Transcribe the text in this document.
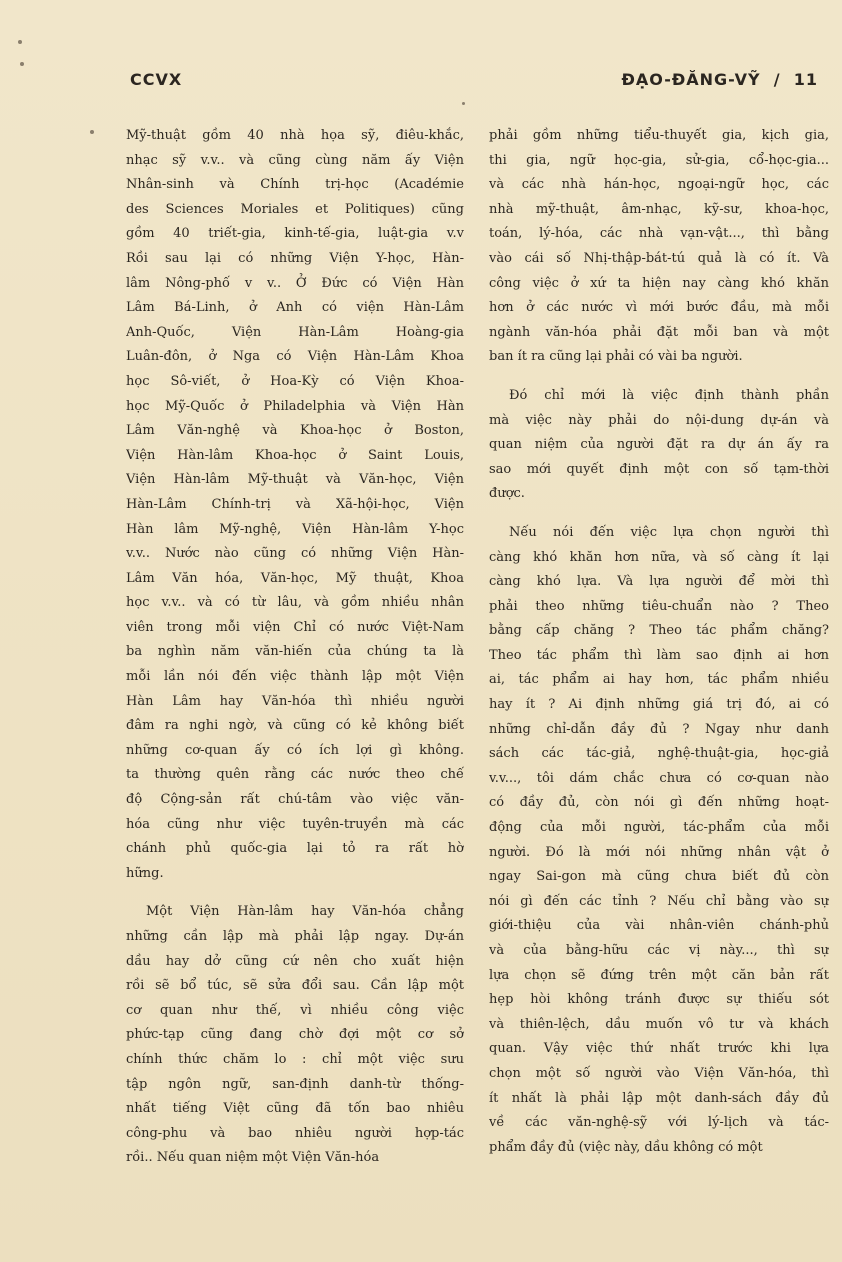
CCVX	ĐẠO-ĐĂNG-VỸ  /  11
Mỹ-thuật gồm 40 nhà họa sỹ, điêu-khắc,
nhạc sỹ v.v.. và cũng cùng năm ấy Viện
Nhân-sinh và Chính trị-học (Académie
des Sciences Moriales et Politiques) cũng
gồm 40 triết-gia, kinh-tế-gia, luật-gia v.v
Rồi sau lại có những Viện Y-học, Hàn-
lâm Nông-phố v v.. Ở Đức có Viện Hàn
Lâm Bá-Linh, ở Anh có viện Hàn-Lâm
Anh-Quốc, Viện Hàn-Lâm Hoàng-gia
Luân-đôn, ở Nga có Viện Hàn-Lâm Khoa
học Sô-viết, ở Hoa-Kỳ có Viện Khoa-
học Mỹ-Quốc ở Philadelphia và Viện Hàn
Lâm Văn-nghệ và Khoa-học ở Boston,
Viện Hàn-lâm Khoa-học ở Saint Louis,
Viện Hàn-lâm Mỹ-thuật và Văn-học, Viện
Hàn-Lâm Chính-trị và Xã-hội-học, Viện
Hàn lâm Mỹ-nghệ, Viện Hàn-lâm Y-học
v.v.. Nước nào cũng có những Viện Hàn-
Lâm Văn hóa, Văn-học, Mỹ thuật, Khoa
học v.v.. và có từ lâu, và gồm nhiều nhân
viên trong mỗi viện Chỉ có nước Việt-Nam
ba nghìn năm văn-hiến của chúng ta là
mỗi lần nói đến việc thành lập một Viện
Hàn Lâm hay Văn-hóa thì nhiều người
đâm ra nghi ngờ, và cũng có kẻ không biết
những cơ-quan ấy có ích lợi gì không.
ta thường quên rằng các nước theo chế
độ Cộng-sản rất chú-tâm vào việc văn-
hóa cũng như việc tuyên-truyền mà các
chánh phủ quốc-gia lại tỏ ra rất hờ
hững.
Một Viện Hàn-lâm hay Văn-hóa chẳng
những cần lập mà phải lập ngay. Dự-án
dầu hay dở cũng cứ nên cho xuất hiện
rồi sẽ bổ túc, sẽ sửa đổi sau. Cần lập một
cơ quan như thế, vì nhiều công việc
phức-tạp cũng đang chờ đợi một cơ sở
chính thức chăm lo : chỉ một việc sưu
tập ngôn ngữ, san-định danh-từ thống-
nhất tiếng Việt cũng đã tốn bao nhiêu
công-phu và bao nhiêu người hợp-tác
rồi.. Nếu quan niệm một Viện Văn-hóa
phải gồm những tiểu-thuyết gia, kịch gia,
thi gia, ngữ học-gia, sử-gia, cổ-học-gia...
và các nhà hán-học, ngoại-ngữ học, các
nhà mỹ-thuật, âm-nhạc, kỹ-sư, khoa-học,
toán, lý-hóa, các nhà vạn-vật..., thì bằng
vào cái số Nhị-thập-bát-tú quả là có ít. Và
công việc ở xứ ta hiện nay càng khó khăn
hơn ở các nước vì mới bước đầu, mà mỗi
ngành văn-hóa phải đặt mỗi ban và một
ban ít ra cũng lại phải có vài ba người.
Đó chỉ mới là việc định thành phần
mà việc này phải do nội-dung dự-án và
quan niệm của người đặt ra dự án ấy ra
sao mới quyết định một con số tạm-thời
được.
Nếu nói đến việc lựa chọn người thì
càng khó khăn hơn nữa, và số càng ít lại
càng khó lựa. Và lựa người để mời thì
phải theo những tiêu-chuẩn nào ? Theo
bằng cấp chăng ? Theo tác phẩm chăng?
Theo tác phẩm thì làm sao định ai hơn
ai, tác phẩm ai hay hơn, tác phẩm nhiều
hay ít ? Ai định những giá trị đó, ai có
những chỉ-dẫn đầy đủ ? Ngay như danh
sách các tác-giả, nghệ-thuật-gia, học-giả
v.v..., tôi dám chắc chưa có cơ-quan nào
có đầy đủ, còn nói gì đến những hoạt-
động của mỗi người, tác-phẩm của mỗi
người. Đó là mới nói những nhân vật ở
ngay Sai-gon mà cũng chưa biết đủ còn
nói gì đến các tỉnh ? Nếu chỉ bằng vào sự
giới-thiệu của vài nhân-viên chánh-phủ
và của bằng-hữu các vị này..., thì sự
lựa chọn sẽ đứng trên một căn bản rất
hẹp hòi không tránh được sự thiếu sót
và thiên-lệch, dầu muốn vô tư và khách
quan. Vậy việc thứ nhất trước khi lựa
chọn một số người vào Viện Văn-hóa, thì
ít nhất là phải lập một danh-sách đầy đủ
về các văn-nghệ-sỹ với lý-lịch và tác-
phẩm đầy đủ (việc này, dầu không có một
